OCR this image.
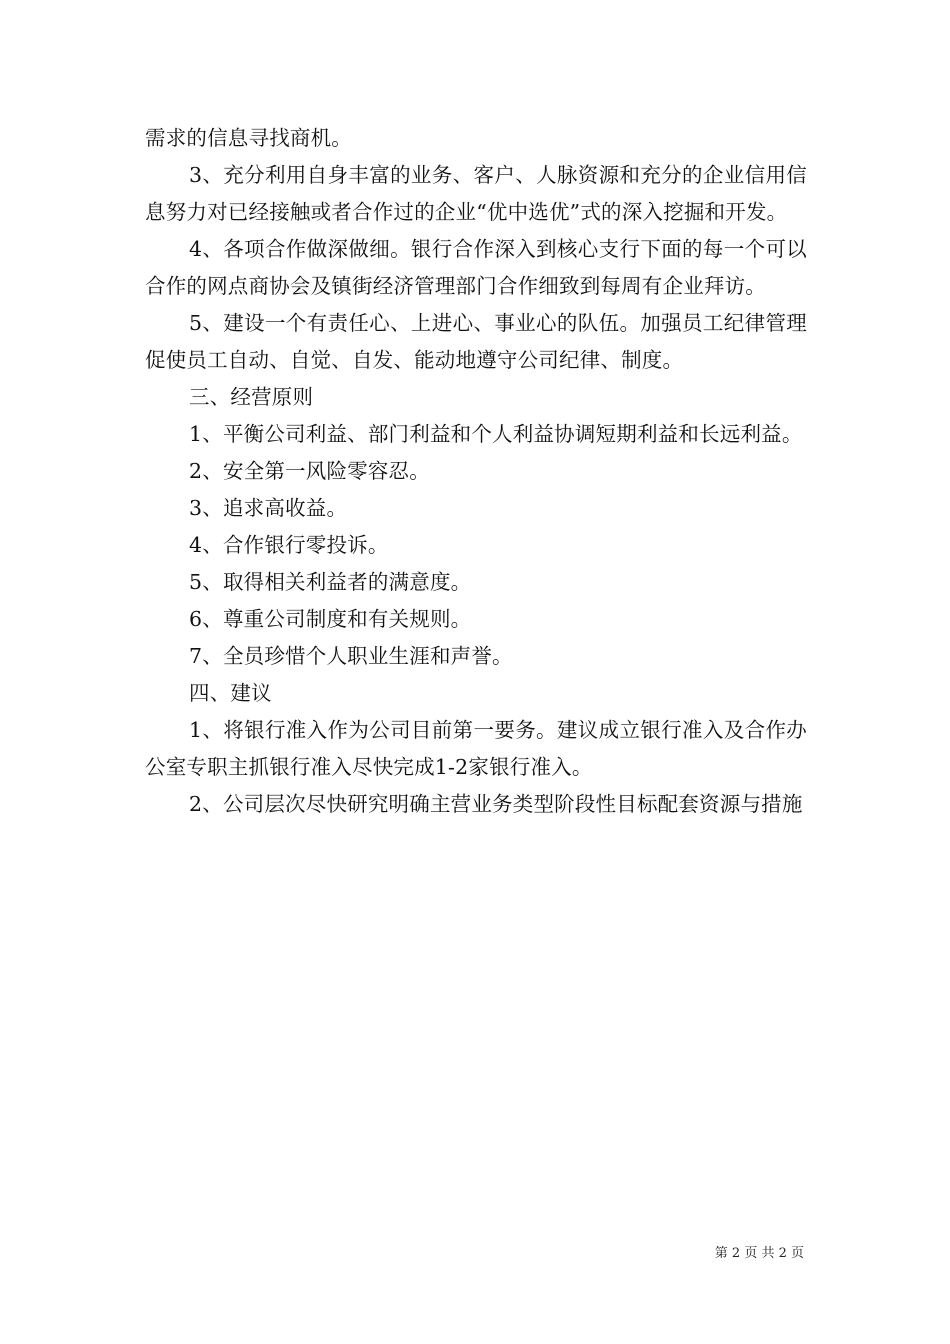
需求的信息寻找商机。

3、充分利用自身丰富的业务、客户、人脉资源和充分的企业信用信息努力对已经接触或者合作过的企业“优中选优”式的深入挖掘和开发。

4、各项合作做深做细。银行合作深入到核心支行下面的每一个可以合作的网点商协会及镇街经济管理部门合作细致到每周有企业拜访。

5、建设一个有责任心、上进心、事业心的队伍。加强员工纪律管理促使员工自动、自觉、自发、能动地遵守公司纪律、制度。

三、经营原则

1、平衡公司利益、部门利益和个人利益协调短期利益和长远利益。

2、安全第一风险零容忍。

3、追求高收益。

4、合作银行零投诉。

5、取得相关利益者的满意度。

6、尊重公司制度和有关规则。

7、全员珍惜个人职业生涯和声誉。

四、建议

1、将银行准入作为公司目前第一要务。建议成立银行准入及合作办公室专职主抓银行准入尽快完成1-2家银行准入。

2、公司层次尽快研究明确主营业务类型阶段性目标配套资源与措施

第 2 页 共 2 页
